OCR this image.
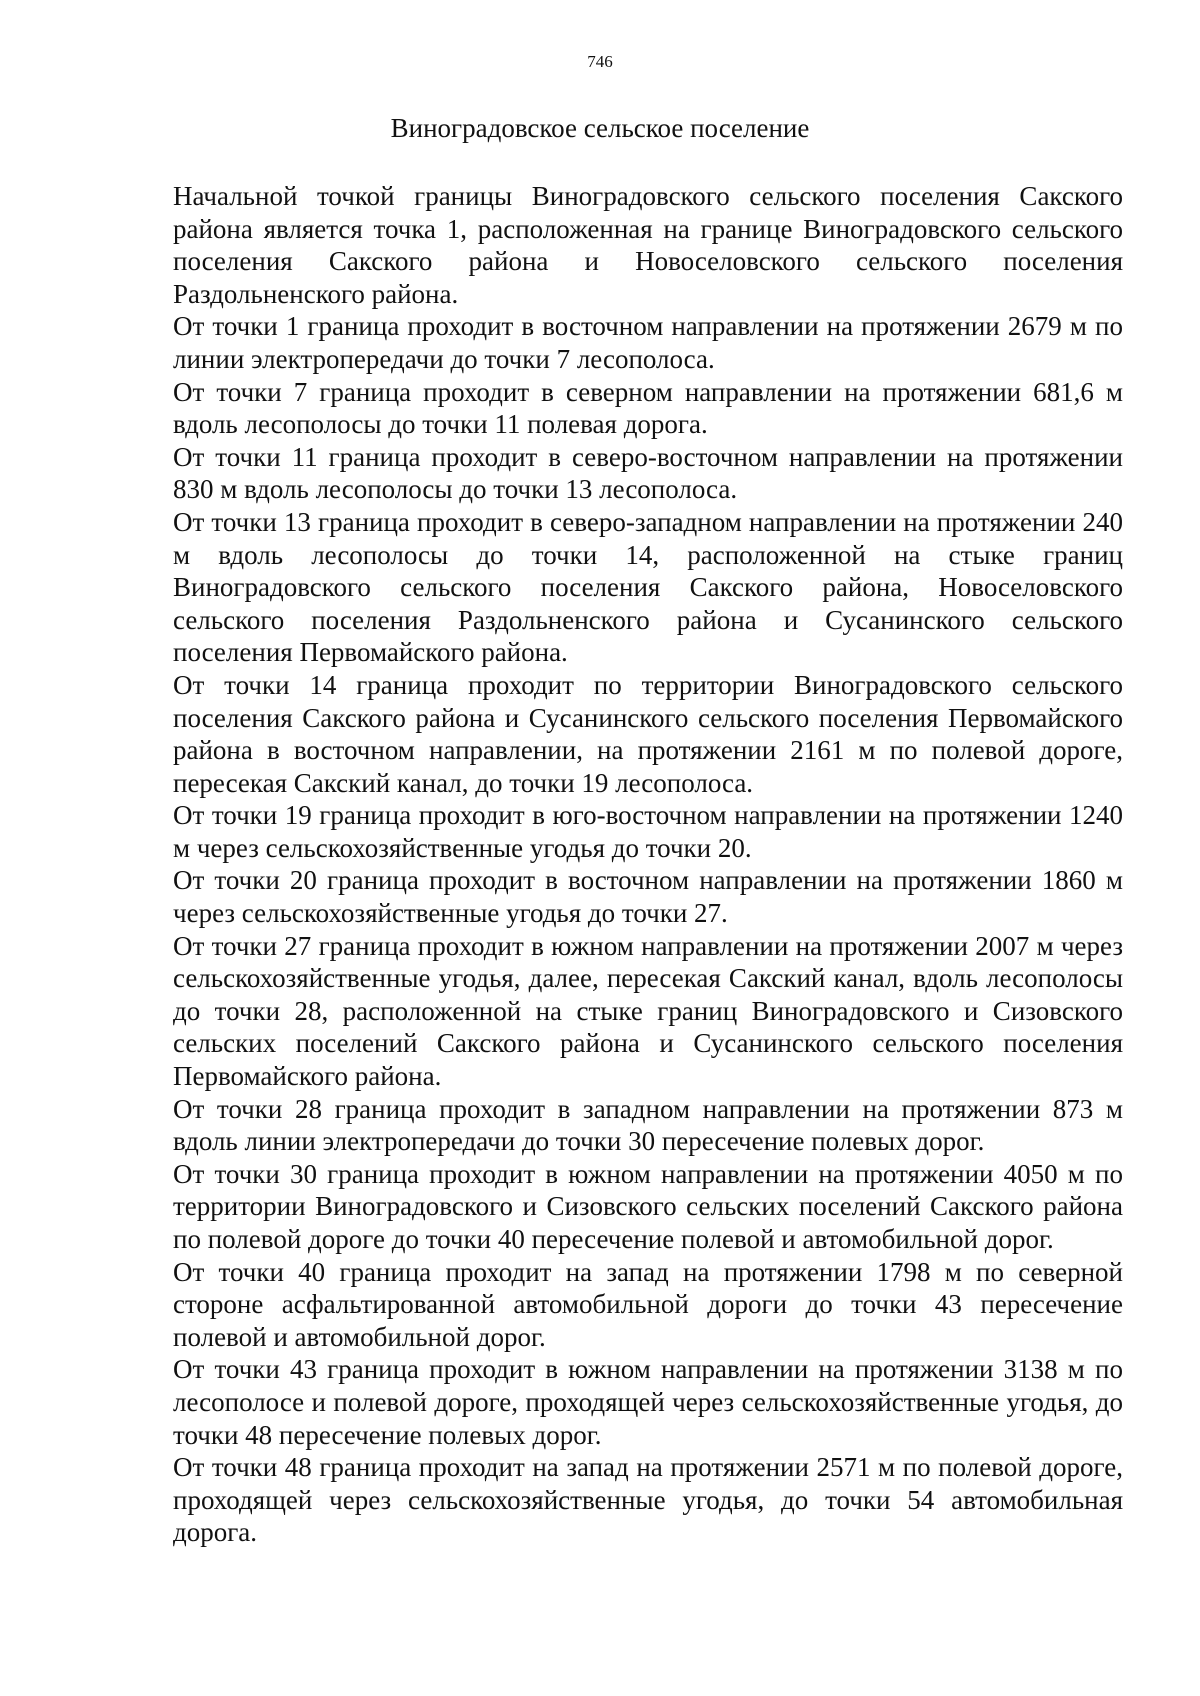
746
Виноградовское сельское поселение

Начальной точкой границы Виноградовского сельского поселения Сакского района является точка 1, расположенная на границе Виноградовского сельского поселения Сакского района и Новоселовского сельского поселения Раздольненского района.

От точки 1 граница проходит в восточном направлении на протяжении 2679 м по линии электропередачи до точки 7 лесополоса.

От точки 7 граница проходит в северном направлении на протяжении 681,6 м вдоль лесополосы до точки 11 полевая дорога.

От точки 11 граница проходит в северо-восточном направлении на протяжении 830 м вдоль лесополосы до точки 13 лесополоса.

От точки 13 граница проходит в северо-западном направлении на протяжении 240 м вдоль лесополосы до точки 14, расположенной на стыке границ Виноградовского сельского поселения Сакского района, Новоселовского сельского поселения Раздольненского района и Сусанинского сельского поселения Первомайского района.

От точки 14 граница проходит по территории Виноградовского сельского поселения Сакского района и Сусанинского сельского поселения Первомайского района в восточном направлении, на протяжении 2161 м по полевой дороге, пересекая Сакский канал, до точки 19 лесополоса.

От точки 19 граница проходит в юго-восточном направлении на протяжении 1240 м через сельскохозяйственные угодья до точки 20.

От точки 20 граница проходит в восточном направлении на протяжении 1860 м через сельскохозяйственные угодья до точки 27.

От точки 27 граница проходит в южном направлении на протяжении 2007 м через сельскохозяйственные угодья, далее, пересекая Сакский канал, вдоль лесополосы до точки 28, расположенной на стыке границ Виноградовского и Сизовского сельских поселений Сакского района и Сусанинского сельского поселения Первомайского района.

От точки 28 граница проходит в западном направлении на протяжении 873 м вдоль линии электропередачи до точки 30 пересечение полевых дорог.

От точки 30 граница проходит в южном направлении на протяжении 4050 м по территории Виноградовского и Сизовского сельских поселений Сакского района по полевой дороге до точки 40 пересечение полевой и автомобильной дорог.

От точки 40 граница проходит на запад на протяжении 1798 м по северной стороне асфальтированной автомобильной дороги до точки 43 пересечение полевой и автомобильной дорог.

От точки 43 граница проходит в южном направлении на протяжении 3138 м по лесополосе и полевой дороге, проходящей через сельскохозяйственные угодья, до точки 48 пересечение полевых дорог.

От точки 48 граница проходит на запад на протяжении 2571 м по полевой дороге, проходящей через сельскохозяйственные угодья, до точки 54 автомобильная дорога.
